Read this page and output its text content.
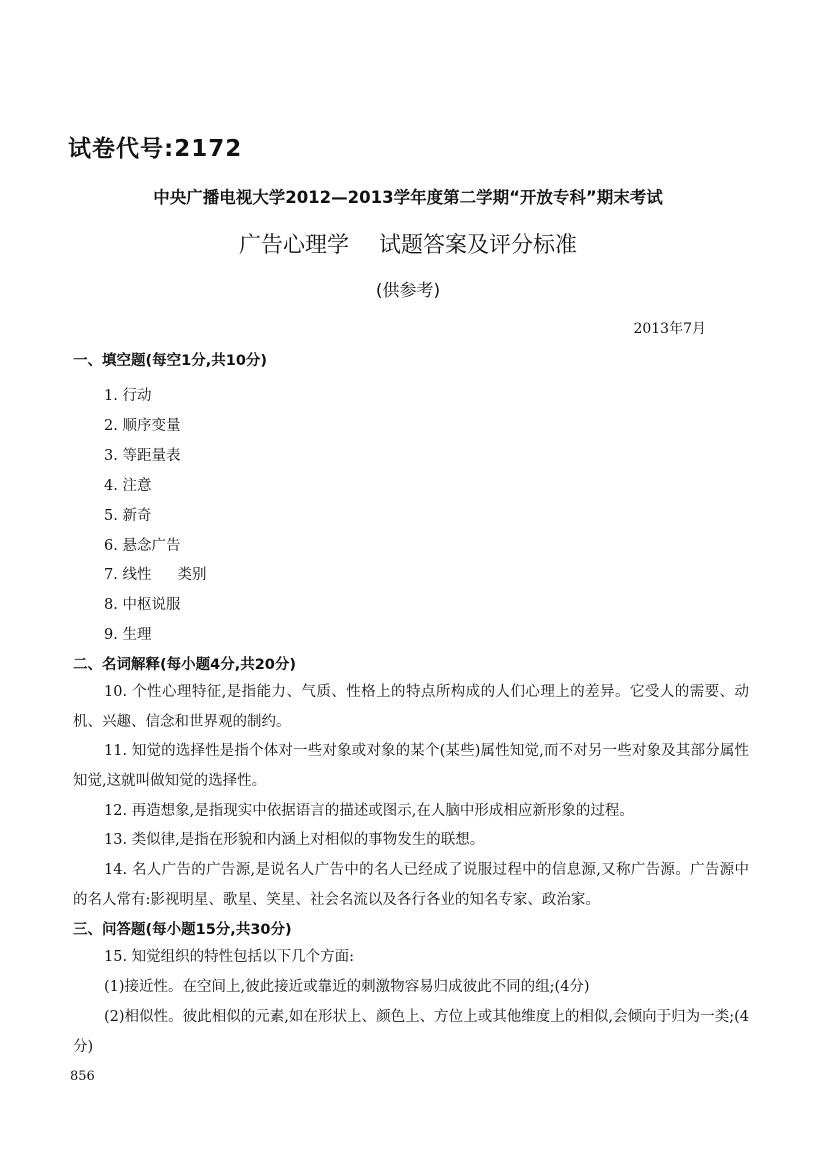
试卷代号:2172
中央广播电视大学2012—2013学年度第二学期“开放专科”期末考试
广告心理学 试题答案及评分标准
(供参考)
2013年7月
一、填空题(每空1分,共10分)
1. 行动
2. 顺序变量
3. 等距量表
4. 注意
5. 新奇
6. 悬念广告
7. 线性 类别
8. 中枢说服
9. 生理
二、名词解释(每小题4分,共20分)
10. 个性心理特征,是指能力、气质、性格上的特点所构成的人们心理上的差异。它受人的需要、动机、兴趣、信念和世界观的制约。
11. 知觉的选择性是指个体对一些对象或对象的某个(某些)属性知觉,而不对另一些对象及其部分属性知觉,这就叫做知觉的选择性。
12. 再造想象,是指现实中依据语言的描述或图示,在人脑中形成相应新形象的过程。
13. 类似律,是指在形貌和内涵上对相似的事物发生的联想。
14. 名人广告的广告源,是说名人广告中的名人已经成了说服过程中的信息源,又称广告源。广告源中的名人常有:影视明星、歌星、笑星、社会名流以及各行各业的知名专家、政治家。
三、问答题(每小题15分,共30分)
15. 知觉组织的特性包括以下几个方面:
(1)接近性。在空间上,彼此接近或靠近的刺激物容易归成彼此不同的组;(4分)
(2)相似性。彼此相似的元素,如在形状上、颜色上、方位上或其他维度上的相似,会倾向于归为一类;(4分)
856
